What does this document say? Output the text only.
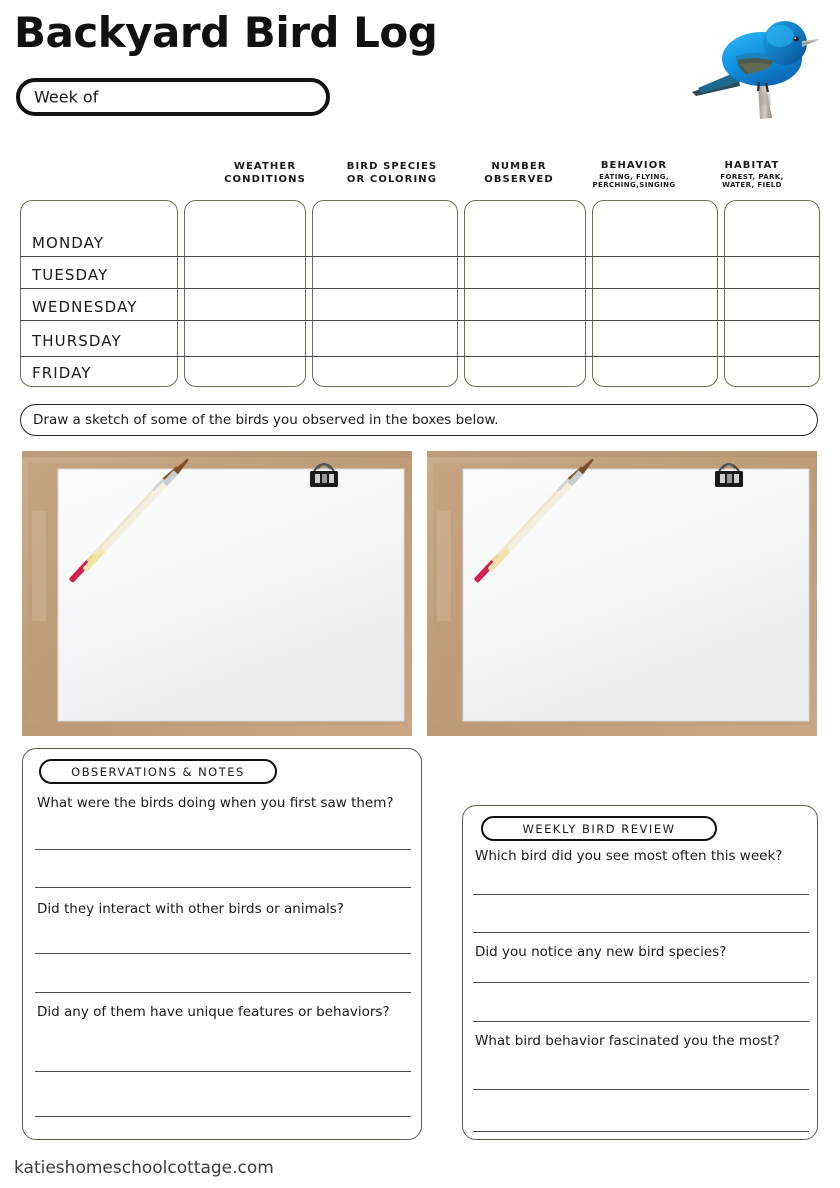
Backyard Bird Log
Week of
WEATHER
CONDITIONS
BIRD SPECIES
OR COLORING
NUMBER
OBSERVED
BEHAVIOR
EATING, FLYING,
PERCHING,SINGING
HABITAT
FOREST, PARK,
WATER, FIELD
MONDAY
TUESDAY
WEDNESDAY
THURSDAY
FRIDAY
Draw a sketch of some of the birds you observed in the boxes below.
OBSERVATIONS & NOTES
What were the birds doing when you first saw them?
Did they interact with other birds or animals?
Did any of them have unique features or behaviors?
WEEKLY BIRD REVIEW
Which bird did you see most often this week?
Did you notice any new bird species?
What bird behavior fascinated you the most?
katieshomeschoolcottage.com
